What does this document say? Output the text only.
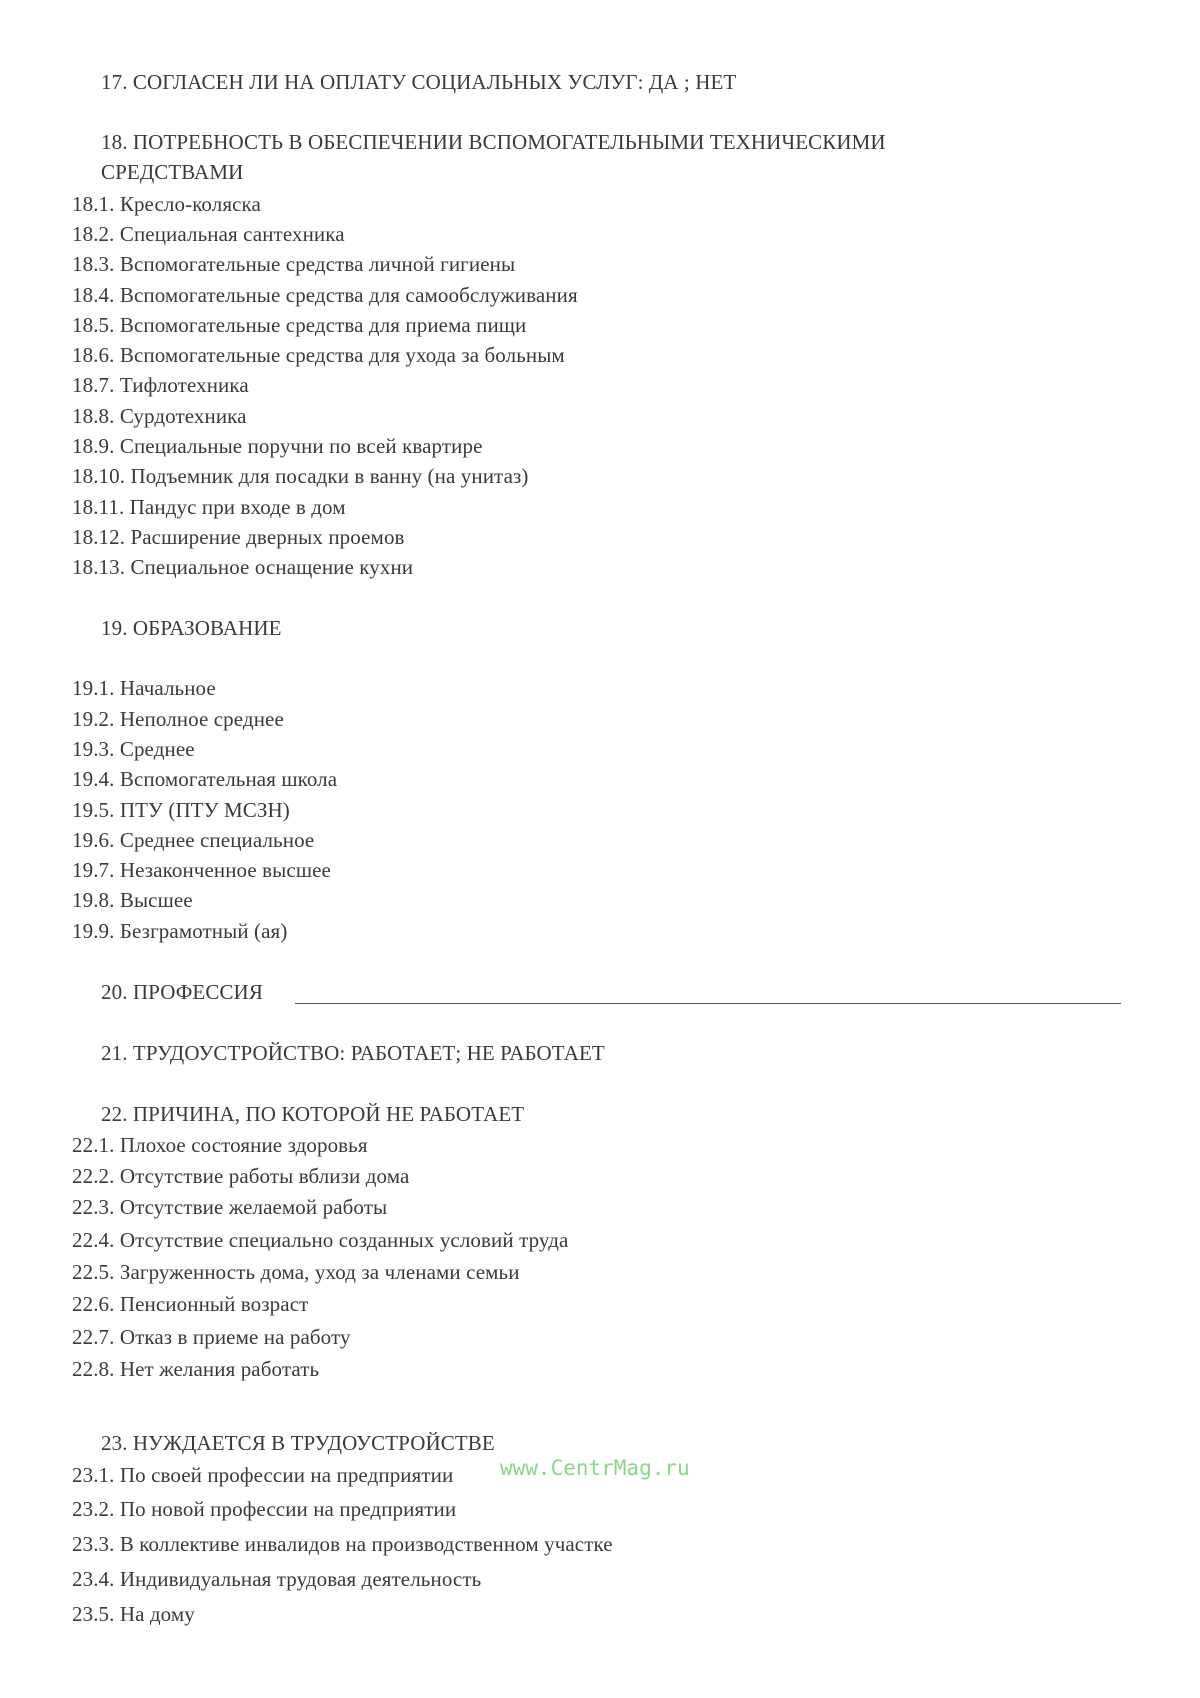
17. СОГЛАСЕН ЛИ НА ОПЛАТУ СОЦИАЛЬНЫХ УСЛУГ: ДА ; НЕТ
18. ПОТРЕБНОСТЬ В ОБЕСПЕЧЕНИИ ВСПОМОГАТЕЛЬНЫМИ ТЕХНИЧЕСКИМИ
СРЕДСТВАМИ
18.1. Кресло-коляска
18.2. Специальная сантехника
18.3. Вспомогательные средства личной гигиены
18.4. Вспомогательные средства для самообслуживания
18.5. Вспомогательные средства для приема пищи
18.6. Вспомогательные средства для ухода за больным
18.7. Тифлотехника
18.8. Сурдотехника
18.9. Специальные поручни по всей квартире
18.10. Подъемник для посадки в ванну (на унитаз)
18.11. Пандус при входе в дом
18.12. Расширение дверных проемов
18.13. Специальное оснащение кухни
19. ОБРАЗОВАНИЕ
19.1. Начальное
19.2. Неполное среднее
19.3. Среднее
19.4. Вспомогательная школа
19.5. ПТУ (ПТУ МСЗН)
19.6. Среднее специальное
19.7. Незаконченное высшее
19.8. Высшее
19.9. Безграмотный (ая)
20. ПРОФЕССИЯ
21. ТРУДОУСТРОЙСТВО: РАБОТАЕТ; НЕ РАБОТАЕТ
22. ПРИЧИНА, ПО КОТОРОЙ НЕ РАБОТАЕТ
22.1. Плохое состояние здоровья
22.2. Отсутствие работы вблизи дома
22.3. Отсутствие желаемой работы
22.4. Отсутствие специально созданных условий труда
22.5. Загруженность дома, уход за членами семьи
22.6. Пенсионный возраст
22.7. Отказ в приеме на работу
22.8. Нет желания работать
23. НУЖДАЕТСЯ В ТРУДОУСТРОЙСТВЕ
23.1. По своей профессии на предприятии
23.2. По новой профессии на предприятии
23.3. В коллективе инвалидов на производственном участке
23.4. Индивидуальная трудовая деятельность
23.5. На дому
www.CentrMag.ru
